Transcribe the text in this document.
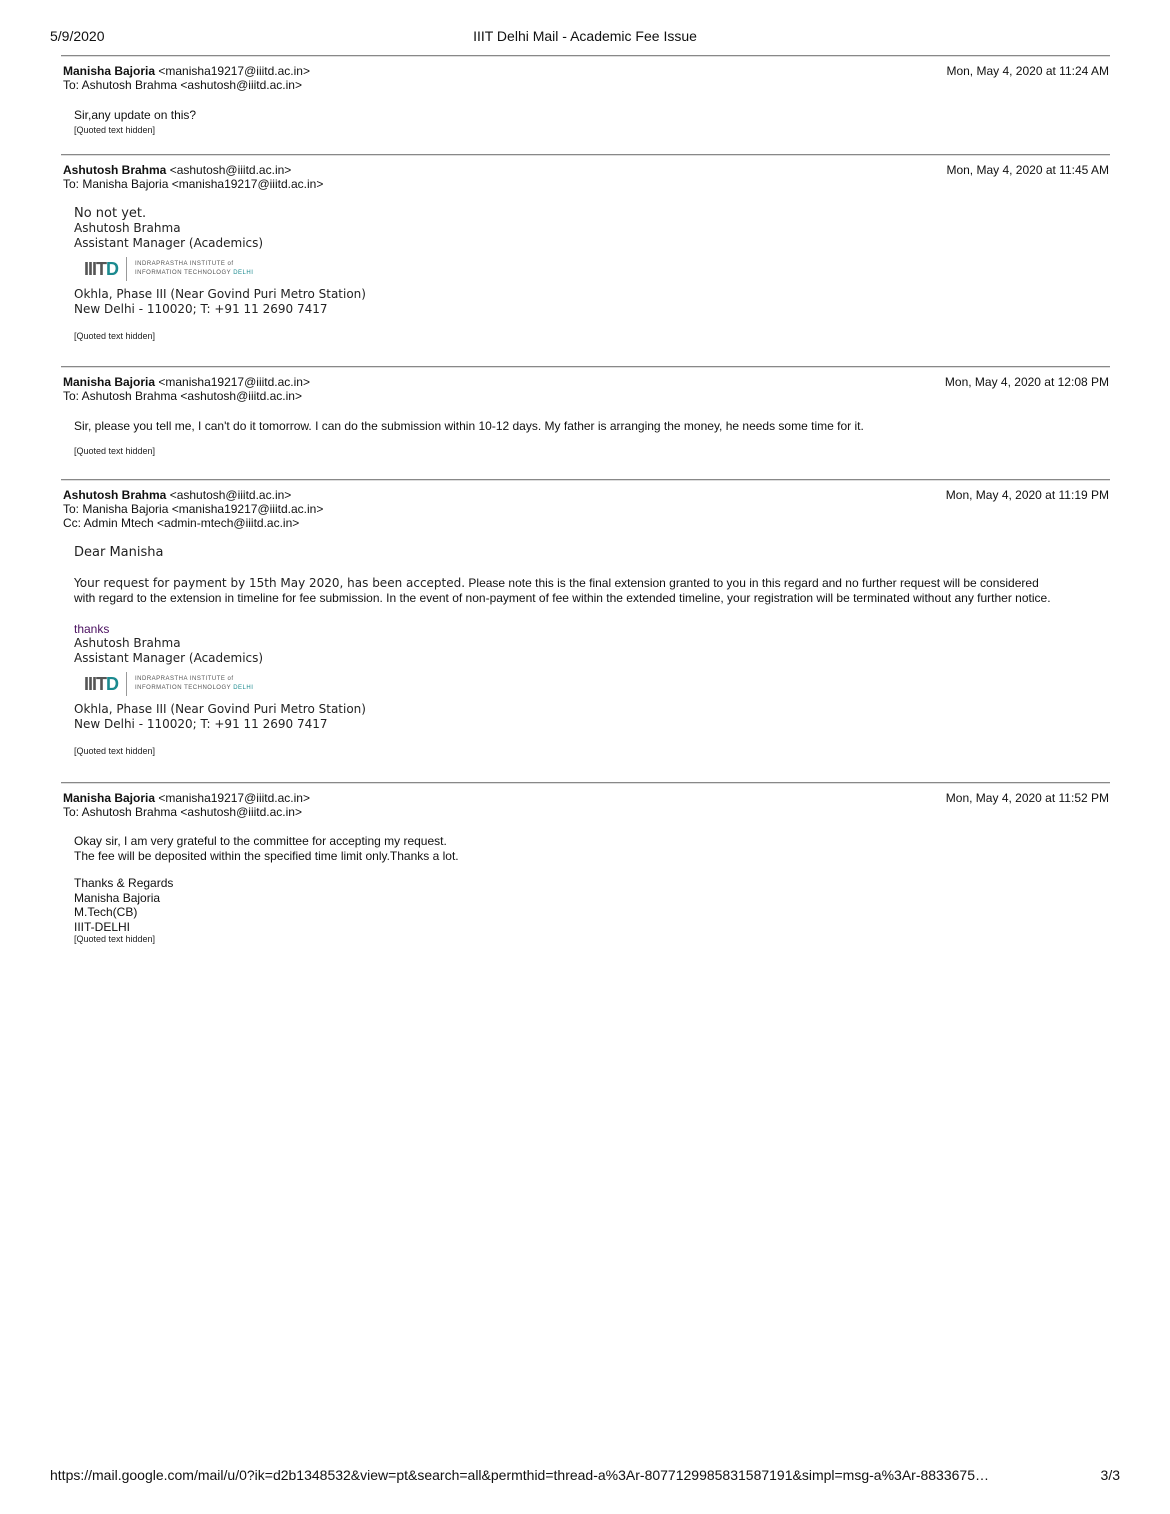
5/9/2020	IIIT Delhi Mail - Academic Fee Issue
Manisha Bajoria <manisha19217@iiitd.ac.in>
To: Ashutosh Brahma <ashutosh@iiitd.ac.in>
Mon, May 4, 2020 at 11:24 AM
Sir,any update on this?
[Quoted text hidden]
Ashutosh Brahma <ashutosh@iiitd.ac.in>
To: Manisha Bajoria <manisha19217@iiitd.ac.in>
Mon, May 4, 2020 at 11:45 AM
No not yet.
Ashutosh Brahma
Assistant Manager (Academics)
IIITD	INDRAPRASTHA INSTITUTE of
INFORMATION TECHNOLOGY DELHI
Okhla, Phase III (Near Govind Puri Metro Station)
New Delhi - 110020; T: +91 11 2690 7417
[Quoted text hidden]
Manisha Bajoria <manisha19217@iiitd.ac.in>
To: Ashutosh Brahma <ashutosh@iiitd.ac.in>
Mon, May 4, 2020 at 12:08 PM
Sir, please you tell me, I can't do it tomorrow. I can do the submission within 10-12 days. My father is arranging the money, he needs some time for it.
[Quoted text hidden]
Ashutosh Brahma <ashutosh@iiitd.ac.in>
To: Manisha Bajoria <manisha19217@iiitd.ac.in>
Cc: Admin Mtech <admin-mtech@iiitd.ac.in>
Mon, May 4, 2020 at 11:19 PM
Dear Manisha
Your request for payment by 15th May 2020, has been accepted. Please note this is the final extension granted to you in this regard and no further request will be considered
with regard to the extension in timeline for fee submission. In the event of non-payment of fee within the extended timeline, your registration will be terminated without any further notice.
thanks
Ashutosh Brahma
Assistant Manager (Academics)
IIITD	INDRAPRASTHA INSTITUTE of
INFORMATION TECHNOLOGY DELHI
Okhla, Phase III (Near Govind Puri Metro Station)
New Delhi - 110020; T: +91 11 2690 7417
[Quoted text hidden]
Manisha Bajoria <manisha19217@iiitd.ac.in>
To: Ashutosh Brahma <ashutosh@iiitd.ac.in>
Mon, May 4, 2020 at 11:52 PM
Okay sir, I am very grateful to the committee for accepting my request.
The fee will be deposited within the specified time limit only.Thanks a lot.
Thanks & Regards
Manisha Bajoria
M.Tech(CB)
IIIT-DELHI
[Quoted text hidden]
https://mail.google.com/mail/u/0?ik=d2b1348532&view=pt&search=all&permthid=thread-a%3Ar-8077129985831587191&simpl=msg-a%3Ar-8833675…	3/3
